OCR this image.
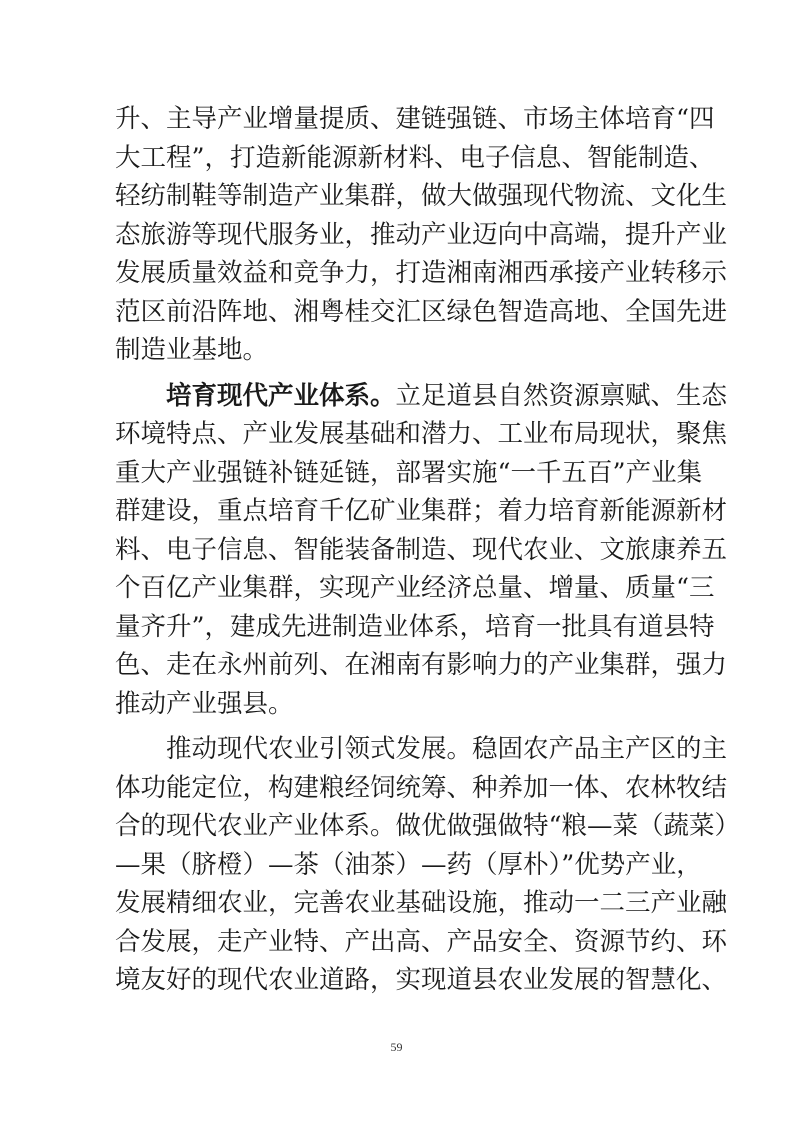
升、主导产业增量提质、建链强链、市场主体培育“四
大工程”，打造新能源新材料、电子信息、智能制造、
轻纺制鞋等制造产业集群，做大做强现代物流、文化生
态旅游等现代服务业，推动产业迈向中高端，提升产业
发展质量效益和竞争力，打造湘南湘西承接产业转移示
范区前沿阵地、湘粤桂交汇区绿色智造高地、全国先进
制造业基地。
培育现代产业体系。立足道县自然资源禀赋、生态
环境特点、产业发展基础和潜力、工业布局现状，聚焦
重大产业强链补链延链，部署实施“一千五百”产业集
群建设，重点培育千亿矿业集群；着力培育新能源新材
料、电子信息、智能装备制造、现代农业、文旅康养五
个百亿产业集群，实现产业经济总量、增量、质量“三
量齐升”，建成先进制造业体系，培育一批具有道县特
色、走在永州前列、在湘南有影响力的产业集群，强力
推动产业强县。
推动现代农业引领式发展。稳固农产品主产区的主
体功能定位，构建粮经饲统筹、种养加一体、农林牧结
合的现代农业产业体系。做优做强做特“粮—菜（蔬菜）
—果（脐橙）—茶（油茶）—药（厚朴）”优势产业，
发展精细农业，完善农业基础设施，推动一二三产业融
合发展，走产业特、产出高、产品安全、资源节约、环
境友好的现代农业道路，实现道县农业发展的智慧化、
59
